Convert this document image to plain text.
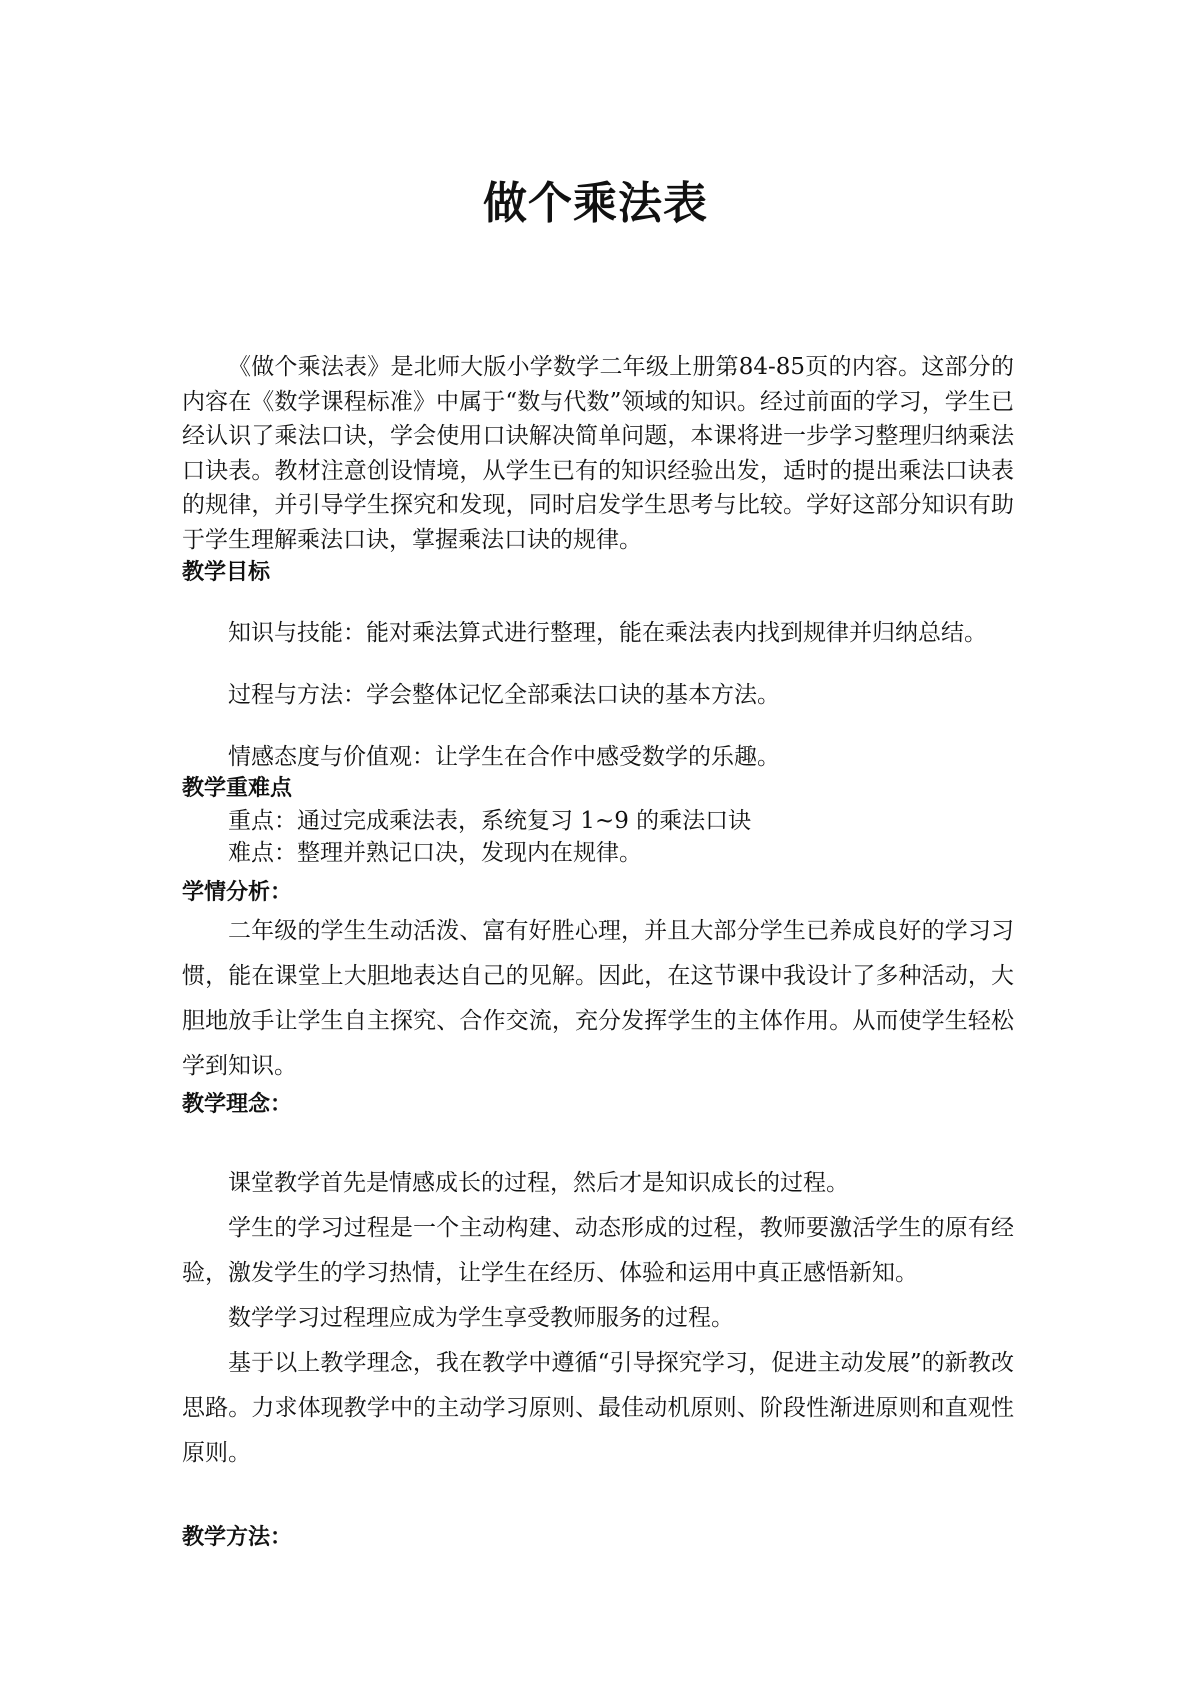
做个乘法表

《做个乘法表》是北师大版小学数学二年级上册第84-85页的内容。这部分的内容在《数学课程标准》中属于“数与代数”领域的知识。经过前面的学习，学生已经认识了乘法口诀，学会使用口诀解决简单问题，本课将进一步学习整理归纳乘法口诀表。教材注意创设情境，从学生已有的知识经验出发，适时的提出乘法口诀表的规律，并引导学生探究和发现，同时启发学生思考与比较。学好这部分知识有助于学生理解乘法口诀，掌握乘法口诀的规律。

教学目标

知识与技能：能对乘法算式进行整理，能在乘法表内找到规律并归纳总结。

过程与方法：学会整体记忆全部乘法口诀的基本方法。

情感态度与价值观：让学生在合作中感受数学的乐趣。

教学重难点

重点：通过完成乘法表，系统复习 1~9 的乘法口诀

难点：整理并熟记口决，发现内在规律。

学情分析：

二年级的学生生动活泼、富有好胜心理，并且大部分学生已养成良好的学习习惯，能在课堂上大胆地表达自己的见解。因此，在这节课中我设计了多种活动，大胆地放手让学生自主探究、合作交流，充分发挥学生的主体作用。从而使学生轻松学到知识。

教学理念：

课堂教学首先是情感成长的过程，然后才是知识成长的过程。

学生的学习过程是一个主动构建、动态形成的过程，教师要激活学生的原有经验，激发学生的学习热情，让学生在经历、体验和运用中真正感悟新知。

数学学习过程理应成为学生享受教师服务的过程。

基于以上教学理念，我在教学中遵循“引导探究学习，促进主动发展”的新教改思路。力求体现教学中的主动学习原则、最佳动机原则、阶段性渐进原则和直观性原则。

教学方法：
